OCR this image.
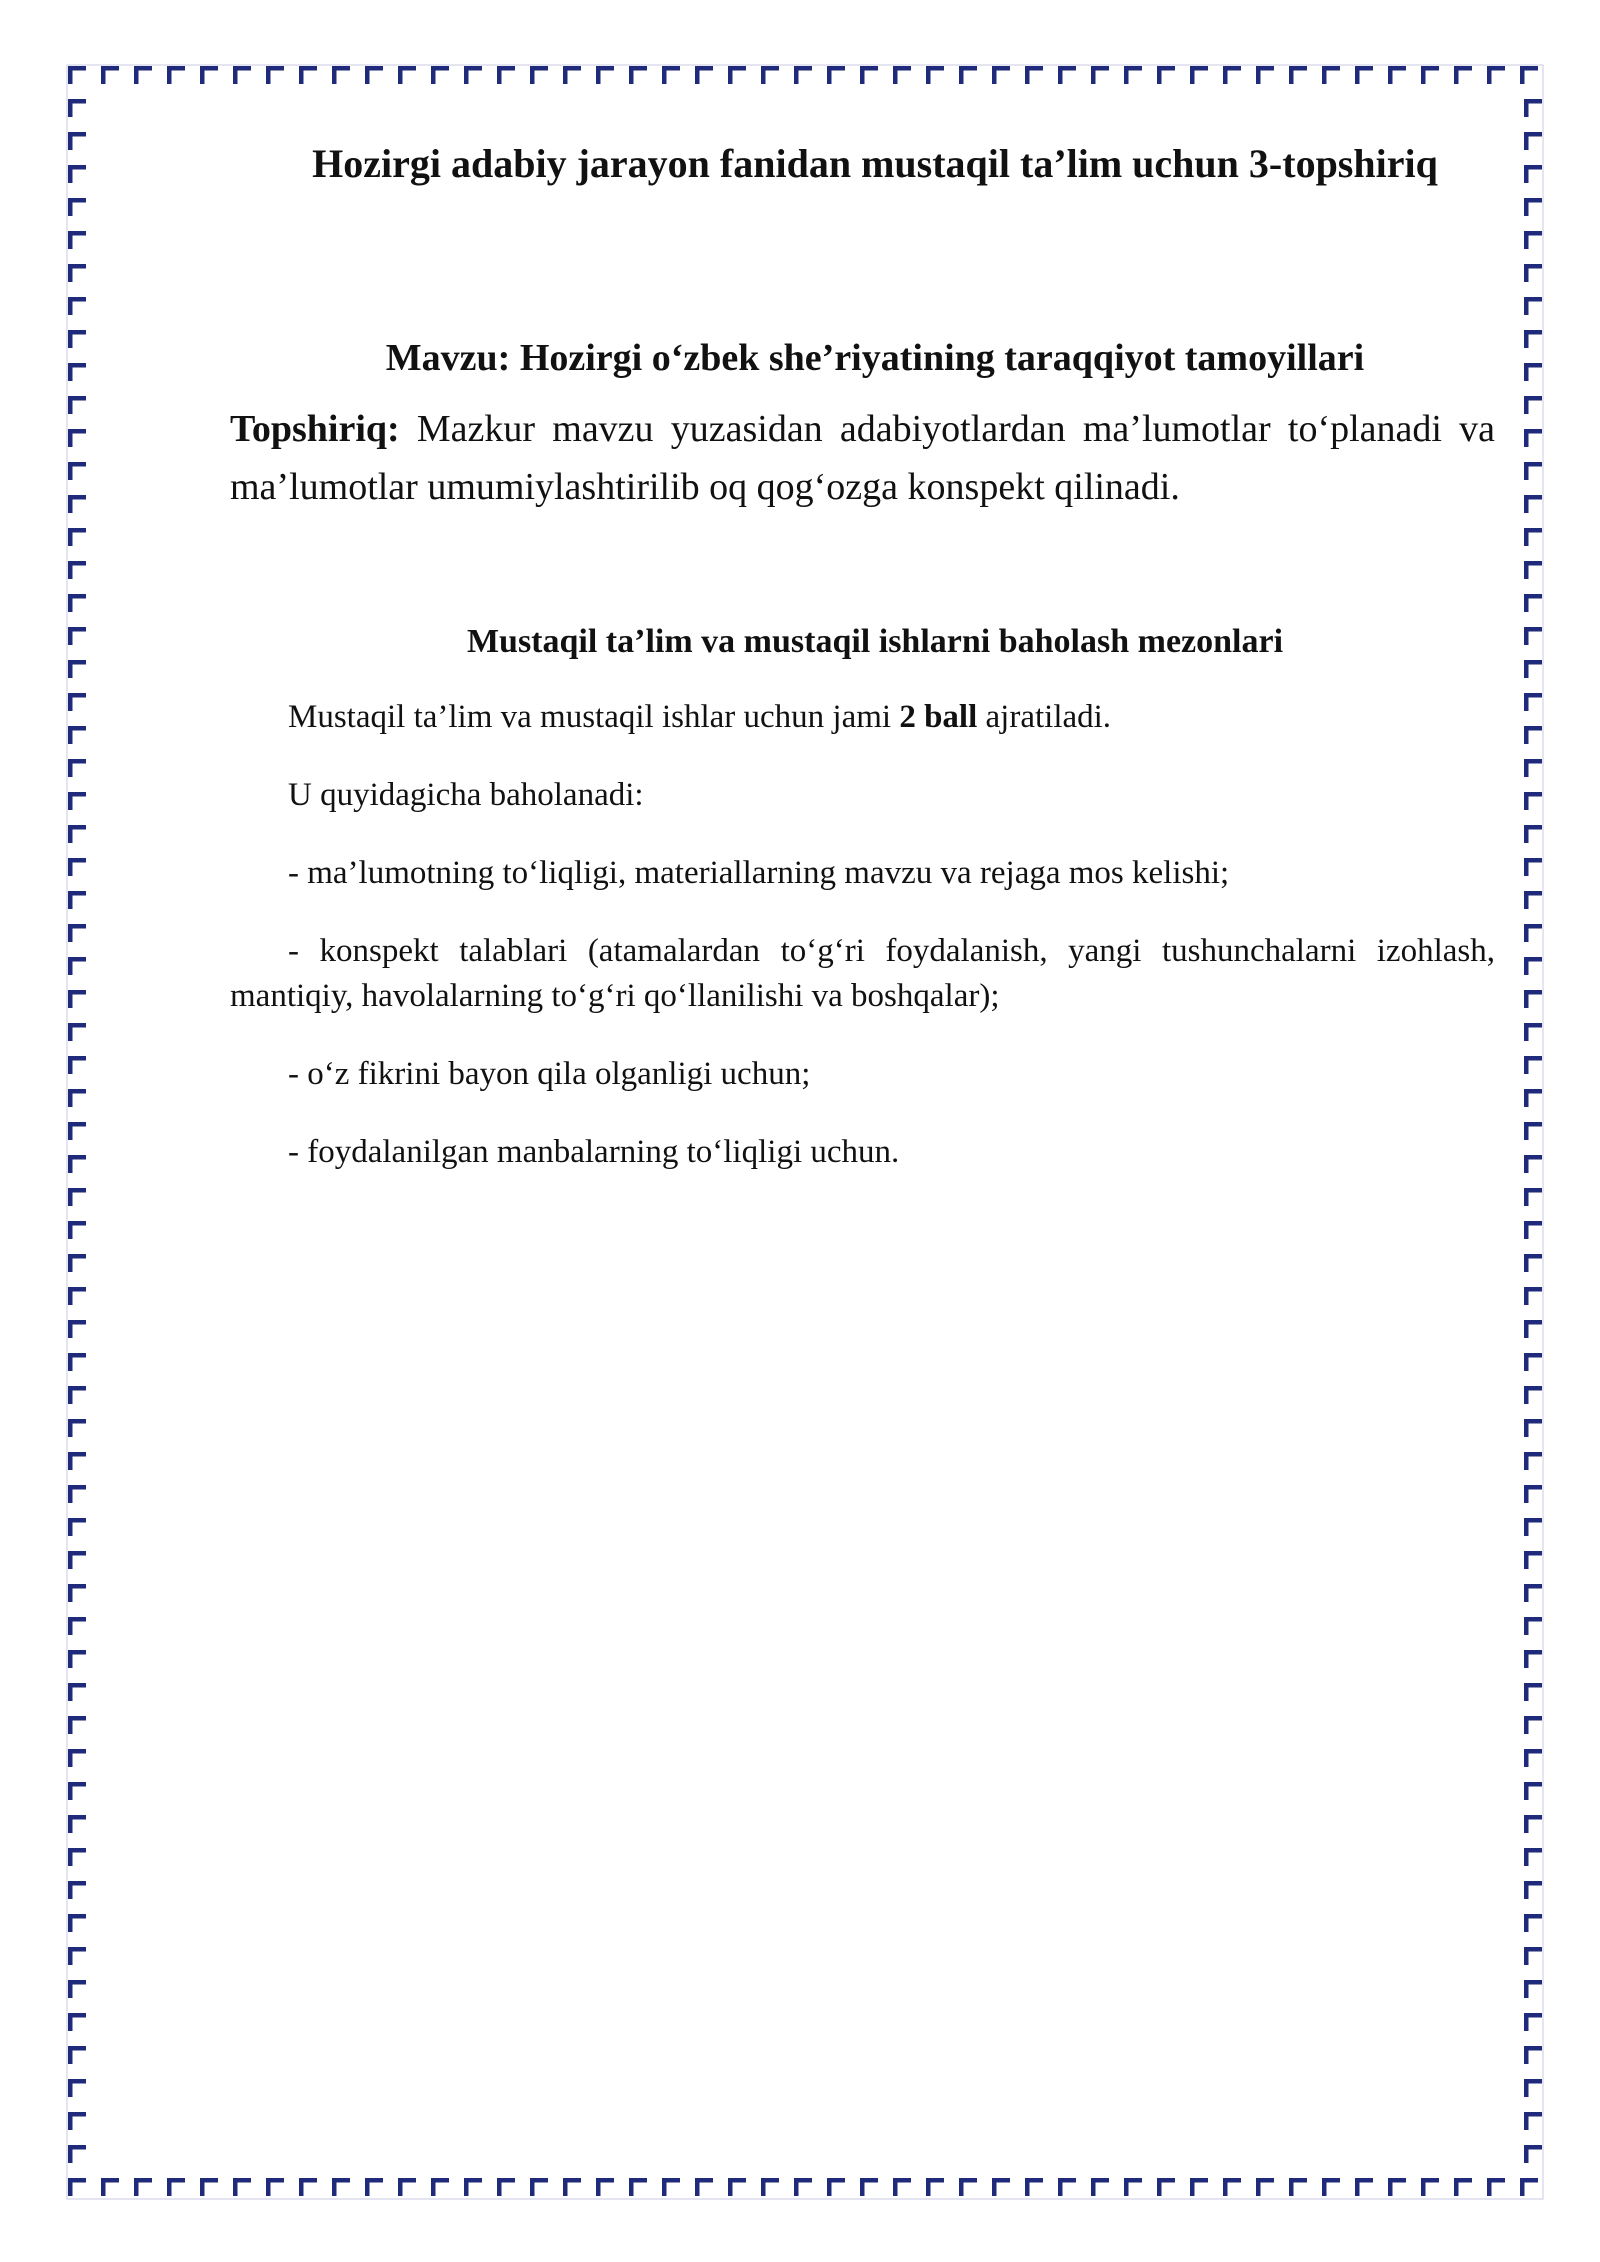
Hozirgi adabiy jarayon fanidan mustaqil ta’lim uchun 3-topshiriq
Mavzu: Hozirgi o‘zbek she’riyatining taraqqiyot tamoyillari

Topshiriq: Mazkur mavzu yuzasidan adabiyotlardan ma’lumotlar to‘planadi va ma’lumotlar umumiylashtirilib oq qog‘ozga konspekt qilinadi.

Mustaqil ta’lim va mustaqil ishlarni baholash mezonlari

Mustaqil ta’lim va mustaqil ishlar uchun jami 2 ball ajratiladi.

U quyidagicha baholanadi:

- ma’lumotning to‘liqligi, materiallarning mavzu va rejaga mos kelishi;

- konspekt talablari (atamalardan to‘g‘ri foydalanish, yangi tushunchalarni izohlash, mantiqiy, havolalarning to‘g‘ri qo‘llanilishi va boshqalar);

- o‘z fikrini bayon qila olganligi uchun;

- foydalanilgan manbalarning to‘liqligi uchun.
